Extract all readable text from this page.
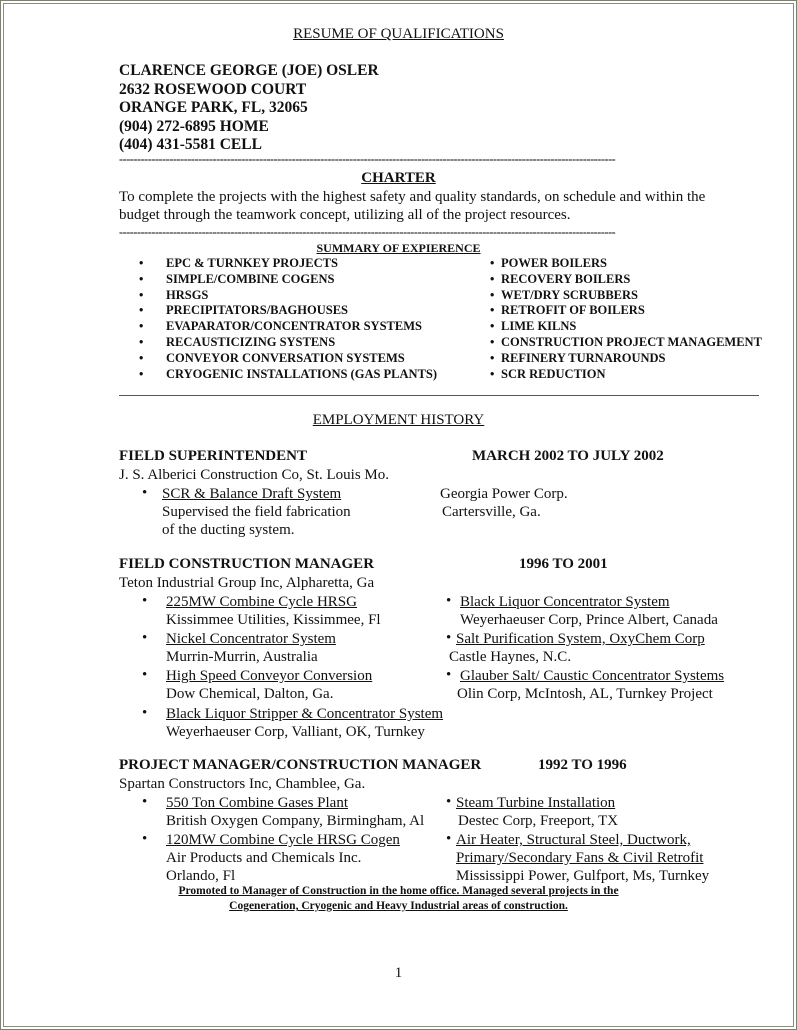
RESUME OF QUALIFICATIONS
CLARENCE GEORGE (JOE) OSLER
2632 ROSEWOOD COURT
ORANGE PARK, FL, 32065
(904) 272-6895 HOME
(404) 431-5581 CELL
------------------------------------------------------------------------------------------------------------------------------------------
CHARTER
To complete the projects with the highest safety and quality standards, on schedule and within the
budget through the teamwork concept, utilizing all of the project resources.
------------------------------------------------------------------------------------------------------------------------------------------
SUMMARY OF EXPIERENCE
• EPC & TURNKEY PROJECTS
• SIMPLE/COMBINE COGENS
• HRSGS
• PRECIPITATORS/BAGHOUSES
• EVAPARATOR/CONCENTRATOR SYSTEMS
• RECAUSTICIZING SYSTENS
• CONVEYOR CONVERSATION SYSTEMS
• CRYOGENIC INSTALLATIONS (GAS PLANTS)
• POWER BOILERS
• RECOVERY BOILERS
• WET/DRY SCRUBBERS
• RETROFIT OF BOILERS
• LIME KILNS
• CONSTRUCTION PROJECT MANAGEMENT
• REFINERY TURNAROUNDS
• SCR REDUCTION
EMPLOYMENT HISTORY
FIELD SUPERINTENDENT	MARCH 2002 TO JULY 2002
J. S. Alberici Construction Co, St. Louis Mo.
• SCR & Balance Draft System
Supervised the field fabrication
of the ducting system.
Georgia Power Corp.
Cartersville, Ga.
FIELD CONSTRUCTION MANAGER	1996 TO 2001
Teton Industrial Group Inc, Alpharetta, Ga
• 225MW Combine Cycle HRSG
Kissimmee Utilities, Kissimmee, Fl
• Nickel Concentrator System
Murrin-Murrin, Australia
• High Speed Conveyor Conversion
Dow Chemical, Dalton, Ga.
• Black Liquor Stripper & Concentrator System
Weyerhaeuser Corp, Valliant, OK, Turnkey
• Black Liquor Concentrator System
Weyerhaeuser Corp, Prince Albert, Canada
• Salt Purification System, OxyChem Corp
Castle Haynes, N.C.
• Glauber Salt/ Caustic Concentrator Systems
Olin Corp, McIntosh, AL, Turnkey Project
PROJECT MANAGER/CONSTRUCTION MANAGER	1992 TO 1996
Spartan Constructors Inc, Chamblee, Ga.
• 550 Ton Combine Gases Plant
British Oxygen Company, Birmingham, Al
• 120MW Combine Cycle HRSG Cogen
Air Products and Chemicals Inc.
Orlando, Fl
• Steam Turbine Installation
Destec Corp, Freeport, TX
• Air Heater, Structural Steel, Ductwork,
Primary/Secondary Fans & Civil Retrofit
Mississippi Power, Gulfport, Ms, Turnkey
Promoted to Manager of Construction in the home office. Managed several projects in the
Cogeneration, Cryogenic and Heavy Industrial areas of construction.
1
